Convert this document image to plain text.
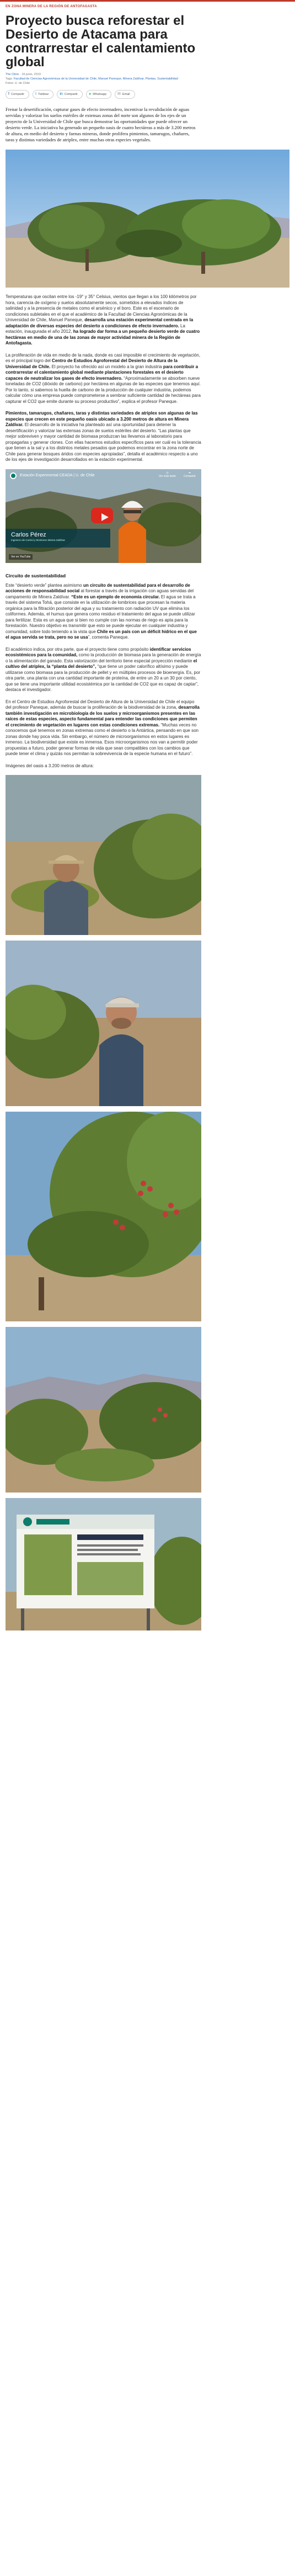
EN ZONA MINERA DE LA REGIÓN DE ANTOFAGASTA
Proyecto busca reforestar el Desierto de Atacama para contrarrestar el calentamiento global
The Clinic · 16 junio, 2019 ·
Tags: Facultad de Ciencias Agronómicas de la Universidad de Chile, Manuel Paneque, Minera Zaldívar, Plantas, Sustentabilidad
Fotos: U. de Chile
f Compartir	t Twittear	in Compartir	● Whatsapp	✉ Email

Frenar la desertificación, capturar gases de efecto invernadero, incentivar la revalidación de aguas servidas y valorizar los suelos estériles de extensas zonas del norte son algunos de los ejes de un proyecto de la Universidad de Chile que busca demostrar las oportunidades que puede ofrecer un desierto verde. La iniciativa ha generado un pequeño oasis de cuatro hectáreas a más de 3.200 metros de altura, en medio del desierto y faenas mineras, donde prolifera pimientos, tamarugos, chañares, taras y distintas variedades de atriplex, entre muchas otras especies vegetales.

Temperaturas que oscilan entre los -19° y 35° Celsius, vientos que llegan a los 100 kilómetros por hora, carencia de oxígeno y suelos absolutamente secos, sometidos a elevados índices de salinidad y a la presencia de metales como el arsénico y el boro. Este es el escenario de condiciones subletales en el que el académico de la Facultad de Ciencias Agronómicas de la Universidad de Chile, Manuel Paneque, desarrolla una estación experimental centrada en la adaptación de diversas especies del desierto a condiciones de efecto invernadero. La estación, inaugurada el año 2012, ha logrado dar forma a un pequeño desierto verde de cuatro hectáreas en medio de una de las zonas de mayor actividad minera de la Región de Antofagasta.

La proliferación de vida en medio de la nada, donde es casi imposible el crecimiento de vegetación, es el principal logro del Centro de Estudios Agroforestal del Desierto de Altura de la Universidad de Chile. El proyecto ha ofrecido así un modelo a la gran industria para contribuir a contrarrestar el calentamiento global mediante plantaciones forestales en el desierto capaces de neutralizar los gases de efecto invernadero. “Aproximadamente se absorben nueve toneladas de CO2 (dióxido de carbono) por hectárea en algunas de las especies que tenemos aquí. Por lo tanto, si sabemos la huella de carbono de la producción de cualquier industria, podemos calcular cómo una empresa puede comprometerse a sembrar suficiente cantidad de hectáreas para capturar el CO2 que emite durante su proceso productivo”, explica el profesor Paneque.

Pimientos, tamarugos, chañares, taras y distintas variedades de atriplex son algunas de las especies que crecen en este pequeño oasis ubicado a 3.200 metros de altura en Minera Zaldívar. El desarrollo de la iniciativa ha planteado así una oportunidad para detener la desertificación y valorizar las extensas zonas de suelos estériles del desierto. “Las plantas que mejor sobreviven y mayor cantidad de biomasa produzcan las llevamos al laboratorio para propagarlas y generar clones. Con ellas hacemos estudios específicos para ver cuál es la tolerancia que tienen a la sal y a los distintos metales pesados que podemos encontrar en la zona norte de Chile para generar bosques áridos con especies apropiadas”, detalla el académico respecto a uno de los ejes de investigación desarrollados en la estación experimental.

Estación Experimental CEADA | U. de Chile
◷
Ver más tarde
➦
Compartir
Carlos Pérez
Ingeniero de Control y Monitoreo Minera Zaldívar
Ver en YouTube
Circuito de sustentabilidad

Este “desierto verde” plantea asimismo un circuito de sustentabilidad para el desarrollo de acciones de responsabilidad social al forestar a través de la irrigación con aguas servidas del campamento de Minera Zaldívar. “Este es un ejemplo de economía circular. El agua se trata a través del sistema Tohá, que consiste en la utilización de lombrices que procesan la materia orgánica para la filtración posterior del agua y su tratamiento con radiación UV que elimina los coliformes. Además, el humus que genera como residuo el tratamiento del agua se puede utilizar para fertilizar. Esta es un agua que si bien no cumple con las normas de riego es apta para la forestación. Nuestro objetivo es transmitir que esto se puede ejecutar en cualquier industria y comunidad, sobre todo teniendo a la vista que Chile es un país con un déficit hídrico en el que el agua servida se trata, pero no se usa”, comenta Paneque.

El académico indica, por otra parte, que el proyecto tiene como propósito identificar servicios ecosistémicos para la comunidad, como la producción de biomasa para la generación de energía o la alimentación del ganado. Esta valorización del territorio tiene especial proyección mediante el cultivo del atriplex, la “planta del desierto”, “que tiene un poder calorífico altísimo y puede utilizarse como biomasa para la producción de pellet y en múltiples procesos de bioenergía. Es, por otra parte, una planta con una cantidad importante de proteína, de entre un 20 a un 30 por ciento, que se tiene una importante utilidad ecosistémica por la cantidad de CO2 que es capaz de captar”, destaca el investigador.

En el Centro de Estudios Agroforestal del Desierto de Altura de la Universidad de Chile el equipo del profesor Paneque, además de buscar la proliferación de la biodiversidad de la zona, desarrolla también investigación en microbiología de los suelos y microorganismos presentes en las raíces de estas especies, aspecto fundamental para entender las condiciones que permiten el crecimiento de vegetación en lugares con estas condiciones extremas. “Muchas veces no conocemos qué tenemos en zonas extremas como el desierto o la Antártica, pensando en que son zonas donde hay poca vida. Sin embargo, el número de microorganismos en estos lugares es inmenso. La biodiversidad que existe es inmensa. Esos microorganismos nos van a permitir poder propuestas a futuro, poder generar formas de vida que sean compatibles con los cambios que puede tener el clima y quizás nos permitan la sobrevivencia de la especie humana en el futuro”.

Imágenes del oasis a 3.200 metros de altura:
